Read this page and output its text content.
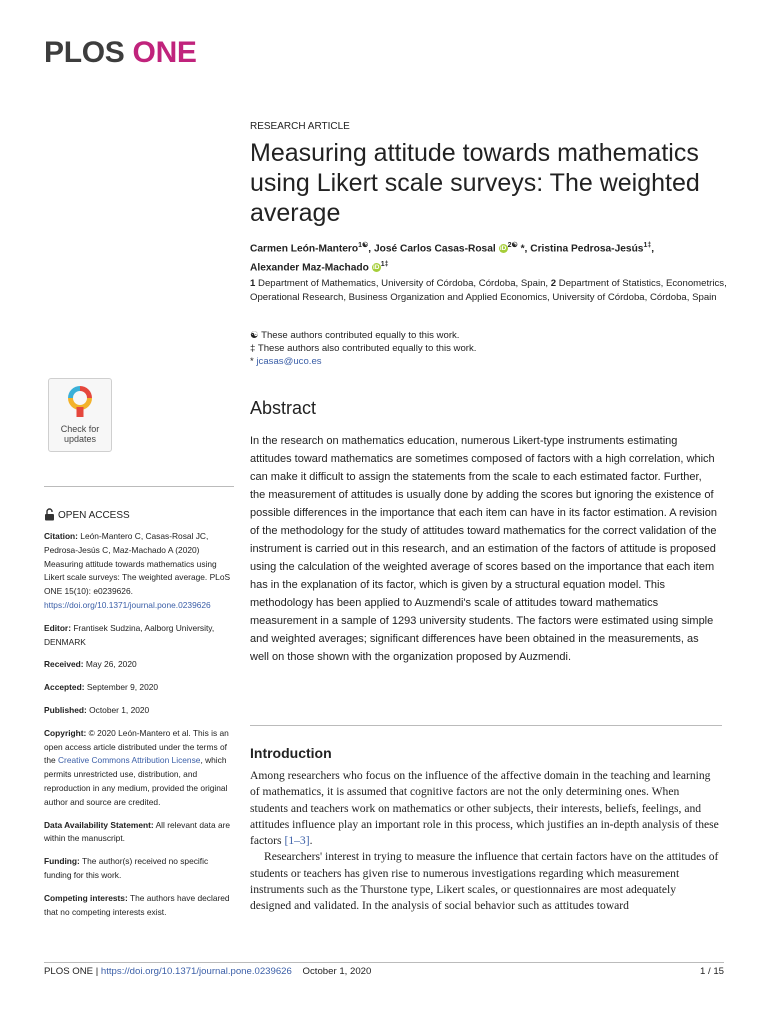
PLOS ONE
RESEARCH ARTICLE
Measuring attitude towards mathematics using Likert scale surveys: The weighted average
Carmen León-Mantero$^{1☯}$, José Carlos Casas-Rosal $iD^{2☯}$ *, Cristina Pedrosa-Jesús$^{1\ddagger}$,
Alexander Maz-Machado $iD^{1\ddagger}$
1 Department of Mathematics, University of Córdoba, Córdoba, Spain, 2 Department of Statistics, Econometrics, Operational Research, Business Organization and Applied Economics, University of Córdoba, Córdoba, Spain
☯ These authors contributed equally to this work.
‡ These authors also contributed equally to this work.
* jcasas@uco.es
Check for
updates
OPEN ACCESS
Citation: León-Mantero C, Casas-Rosal JC, Pedrosa-Jesús C, Maz-Machado A (2020) Measuring attitude towards mathematics using Likert scale surveys: The weighted average. PLoS ONE 15(10): e0239626. https://doi.org/10.1371/journal.pone.0239626
Editor: Frantisek Sudzina, Aalborg University, DENMARK
Received: May 26, 2020
Accepted: September 9, 2020
Published: October 1, 2020
Copyright: © 2020 León-Mantero et al. This is an open access article distributed under the terms of the Creative Commons Attribution License, which permits unrestricted use, distribution, and reproduction in any medium, provided the original author and source are credited.
Data Availability Statement: All relevant data are within the manuscript.
Funding: The author(s) received no specific funding for this work.
Competing interests: The authors have declared that no competing interests exist.
Abstract

In the research on mathematics education, numerous Likert-type instruments estimating attitudes toward mathematics are sometimes composed of factors with a high correlation, which can make it difficult to assign the statements from the scale to each estimated factor. Further, the measurement of attitudes is usually done by adding the scores but ignoring the existence of possible differences in the importance that each item can have in its factor estimation. A revision of the methodology for the study of attitudes toward mathematics for the correct validation of the instrument is carried out in this research, and an estimation of the factors of attitude is proposed using the calculation of the weighted average of scores based on the importance that each item has in the explanation of its factor, which is given by a structural equation model. This methodology has been applied to Auzmendi's scale of attitudes toward mathematics measurement in a sample of 1293 university students. The factors were estimated using simple and weighted averages; significant differences have been obtained in the measurements, as well on those shown with the organization proposed by Auzmendi.

Introduction

Among researchers who focus on the influence of the affective domain in the teaching and learning of mathematics, it is assumed that cognitive factors are not the only determining ones. When students and teachers work on mathematics or other subjects, their interests, beliefs, feelings, and attitudes influence play an important role in this process, which justifies an in-depth analysis of these factors [1–3].

Researchers' interest in trying to measure the influence that certain factors have on the attitudes of students or teachers has given rise to numerous investigations regarding which measurement instruments such as the Thurstone type, Likert scales, or questionnaires are most adequately designed and validated. In the analysis of social behavior such as attitudes toward

PLOS ONE | https://doi.org/10.1371/journal.pone.0239626 October 1, 2020	1 / 15
